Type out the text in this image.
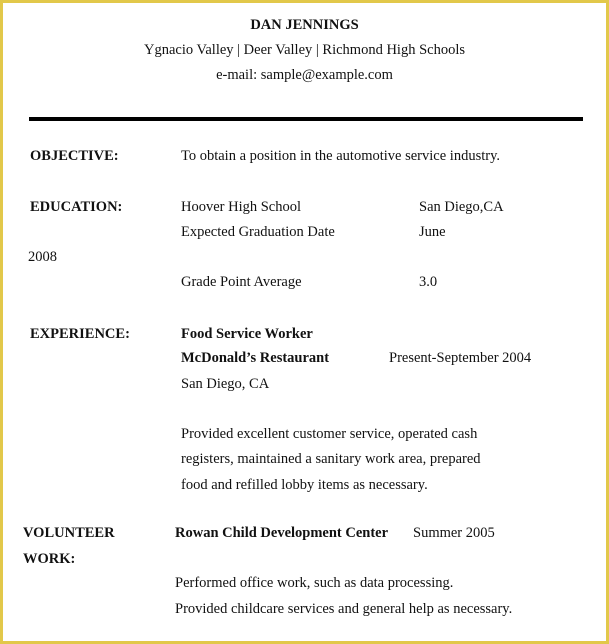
DAN JENNINGS
Ygnacio Valley | Deer Valley | Richmond High Schools
e-mail: sample@example.com
OBJECTIVE:	To obtain a position in the automotive service industry.
EDUCATION:	Hoover High School	San Diego,CA
Expected Graduation Date	June
2008
Grade Point Average	3.0
EXPERIENCE:	Food Service Worker
McDonald’s Restaurant	Present-September 2004
San Diego, CA
Provided excellent customer service, operated cash
registers, maintained a sanitary work area, prepared
food and refilled lobby items as necessary.
VOLUNTEER
WORK:
Rowan Child Development Center Summer 2005
Performed office work, such as data processing.
Provided childcare services and general help as necessary.
